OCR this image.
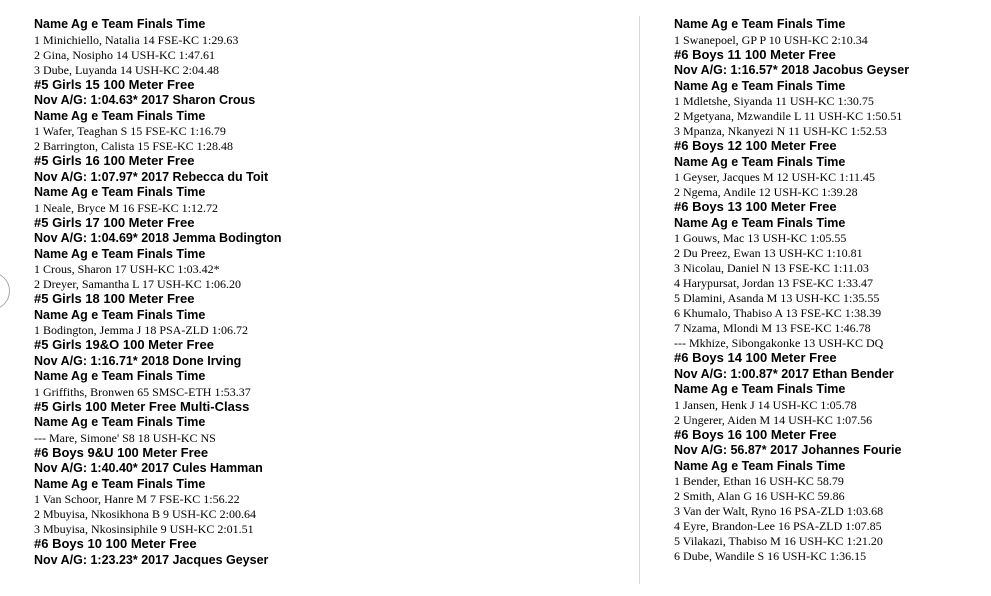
Name Ag e Team Finals Time
1 Minichiello, Natalia 14 FSE-KC 1:29.63
2 Gina, Nosipho 14 USH-KC 1:47.61
3 Dube, Luyanda 14 USH-KC 2:04.48
#5 Girls 15 100 Meter Free
Nov A/G: 1:04.63* 2017 Sharon Crous
Name Ag e Team Finals Time
1 Wafer, Teaghan S 15 FSE-KC 1:16.79
2 Barrington, Calista 15 FSE-KC 1:28.48
#5 Girls 16 100 Meter Free
Nov A/G: 1:07.97* 2017 Rebecca du Toit
Name Ag e Team Finals Time
1 Neale, Bryce M 16 FSE-KC 1:12.72
#5 Girls 17 100 Meter Free
Nov A/G: 1:04.69* 2018 Jemma Bodington
Name Ag e Team Finals Time
1 Crous, Sharon 17 USH-KC 1:03.42*
2 Dreyer, Samantha L 17 USH-KC 1:06.20
#5 Girls 18 100 Meter Free
Name Ag e Team Finals Time
1 Bodington, Jemma J 18 PSA-ZLD 1:06.72
#5 Girls 19&O 100 Meter Free
Nov A/G: 1:16.71* 2018 Done Irving
Name Ag e Team Finals Time
1 Griffiths, Bronwen 65 SMSC-ETH 1:53.37
#5 Girls 100 Meter Free Multi-Class
Name Ag e Team Finals Time
--- Mare, Simone' S8 18 USH-KC NS
#6 Boys 9&U 100 Meter Free
Nov A/G: 1:40.40* 2017 Cules Hamman
Name Ag e Team Finals Time
1 Van Schoor, Hanre M 7 FSE-KC 1:56.22
2 Mbuyisa, Nkosikhona B 9 USH-KC 2:00.64
3 Mbuyisa, Nkosinsiphile 9 USH-KC 2:01.51
#6 Boys 10 100 Meter Free
Nov A/G: 1:23.23* 2017 Jacques Geyser
Name Ag e Team Finals Time
1 Swanepoel, GP P 10 USH-KC 2:10.34
#6 Boys 11 100 Meter Free
Nov A/G: 1:16.57* 2018 Jacobus Geyser
Name Ag e Team Finals Time
1 Mdletshe, Siyanda 11 USH-KC 1:30.75
2 Mgetyana, Mzwandile L 11 USH-KC 1:50.51
3 Mpanza, Nkanyezi N 11 USH-KC 1:52.53
#6 Boys 12 100 Meter Free
Name Ag e Team Finals Time
1 Geyser, Jacques M 12 USH-KC 1:11.45
2 Ngema, Andile 12 USH-KC 1:39.28
#6 Boys 13 100 Meter Free
Name Ag e Team Finals Time
1 Gouws, Mac 13 USH-KC 1:05.55
2 Du Preez, Ewan 13 USH-KC 1:10.81
3 Nicolau, Daniel N 13 FSE-KC 1:11.03
4 Harypursat, Jordan 13 FSE-KC 1:33.47
5 Dlamini, Asanda M 13 USH-KC 1:35.55
6 Khumalo, Thabiso A 13 FSE-KC 1:38.39
7 Nzama, Mlondi M 13 FSE-KC 1:46.78
--- Mkhize, Sibongakonke 13 USH-KC DQ
#6 Boys 14 100 Meter Free
Nov A/G: 1:00.87* 2017 Ethan Bender
Name Ag e Team Finals Time
1 Jansen, Henk J 14 USH-KC 1:05.78
2 Ungerer, Aiden M 14 USH-KC 1:07.56
#6 Boys 16 100 Meter Free
Nov A/G: 56.87* 2017 Johannes Fourie
Name Ag e Team Finals Time
1 Bender, Ethan 16 USH-KC 58.79
2 Smith, Alan G 16 USH-KC 59.86
3 Van der Walt, Ryno 16 PSA-ZLD 1:03.68
4 Eyre, Brandon-Lee 16 PSA-ZLD 1:07.85
5 Vilakazi, Thabiso M 16 USH-KC 1:21.20
6 Dube, Wandile S 16 USH-KC 1:36.15
